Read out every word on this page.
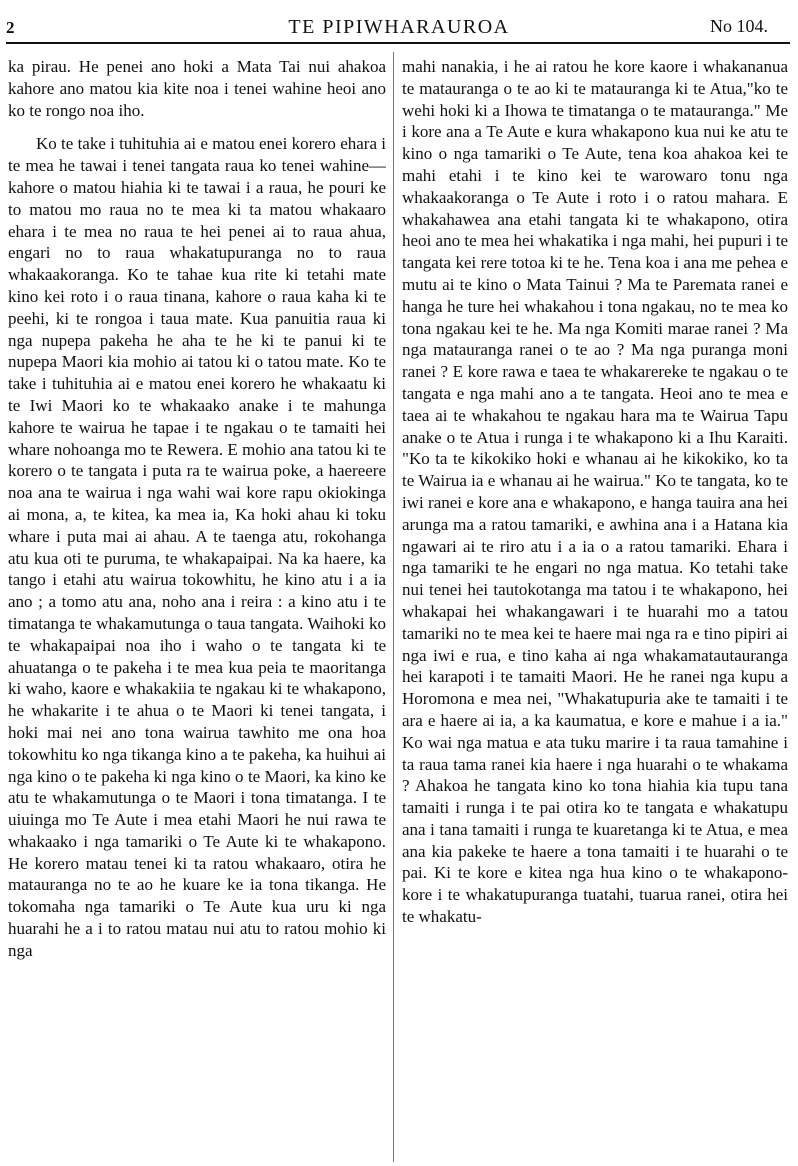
2	TE PIPIWHARAUROA	No 104.

ka pirau. He penei ano hoki a Mata Tai nui ahakoa kahore ano matou kia kite noa i tenei wahine heoi ano ko te rongo noa iho.

Ko te take i tuhituhia ai e matou enei korero ehara i te mea he tawai i tenei tangata raua ko tenei wahine—kahore o matou hiahia ki te tawai i a raua, he pouri ke to matou mo raua no te mea ki ta matou whakaaro ehara i te mea no raua te hei penei ai to raua ahua, engari no to raua whakatupuranga no to raua whakaakoranga. Ko te tahae kua rite ki tetahi mate kino kei roto i o raua tinana, kahore o raua kaha ki te peehi, ki te rongoa i taua mate. Kua panuitia raua ki nga nupepa pakeha he aha te he ki te panui ki te nupepa Maori kia mohio ai tatou ki o tatou mate. Ko te take i tuhituhia ai e matou enei korero he whakaatu ki te Iwi Maori ko te whakaako anake i te mahunga kahore te wairua he tapae i te ngakau o te tamaiti hei whare nohoanga mo te Rewera. E mohio ana tatou ki te korero o te tangata i puta ra te wairua poke, a haereere noa ana te wairua i nga wahi wai kore rapu okiokinga ai mona, a, te kitea, ka mea ia, Ka hoki ahau ki toku whare i puta mai ai ahau. A te taenga atu, rokohanga atu kua oti te puruma, te whakapaipai. Na ka haere, ka tango i etahi atu wairua tokowhitu, he kino atu i a ia ano ; a tomo atu ana, noho ana i reira : a kino atu i te timatanga te whakamutunga o taua tangata. Waihoki ko te whakapaipai noa iho i waho o te tangata ki te ahuatanga o te pakeha i te mea kua peia te maoritanga ki waho, kaore e whakakiia te ngakau ki te whakapono, he whakarite i te ahua o te Maori ki tenei tangata, i hoki mai nei ano tona wairua tawhito me ona hoa tokowhitu ko nga tikanga kino a te pakeha, ka huihui ai nga kino o te pakeha ki nga kino o te Maori, ka kino ke atu te whakamutunga o te Maori i tona timatanga. I te uiuinga mo Te Aute i mea etahi Maori he nui rawa te whakaako i nga tamariki o Te Aute ki te whakapono. He korero matau tenei ki ta ratou whakaaro, otira he matauranga no te ao he kuare ke ia tona tikanga. He tokomaha nga tamariki o Te Aute kua uru ki nga huarahi he a i to ratou matau nui atu to ratou mohio ki nga

mahi nanakia, i he ai ratou he kore kaore i whakananua te matauranga o te ao ki te matauranga ki te Atua,"ko te wehi hoki ki a Ihowa te timatanga o te matauranga." Me i kore ana a Te Aute e kura whakapono kua nui ke atu te kino o nga tamariki o Te Aute, tena koa ahakoa kei te mahi etahi i te kino kei te warowaro tonu nga whakaakoranga o Te Aute i roto i o ratou mahara. E whakahawea ana etahi tangata ki te whakapono, otira heoi ano te mea hei whakatika i nga mahi, hei pupuri i te tangata kei rere totoa ki te he. Tena koa i ana me pehea e mutu ai te kino o Mata Tainui ? Ma te Paremata ranei e hanga he ture hei whakahou i tona ngakau, no te mea ko tona ngakau kei te he. Ma nga Komiti marae ranei ? Ma nga matauranga ranei o te ao ? Ma nga puranga moni ranei ? E kore rawa e taea te whakarereke te ngakau o te tangata e nga mahi ano a te tangata. Heoi ano te mea e taea ai te whakahou te ngakau hara ma te Wairua Tapu anake o te Atua i runga i te whakapono ki a Ihu Karaiti. "Ko ta te kikokiko hoki e whanau ai he kikokiko, ko ta te Wairua ia e whanau ai he wairua." Ko te tangata, ko te iwi ranei e kore ana e whakapono, e hanga tauira ana hei arunga ma a ratou tamariki, e awhina ana i a Hatana kia ngawari ai te riro atu i a ia o a ratou tamariki. Ehara i nga tamariki te he engari no nga matua. Ko tetahi take nui tenei hei tautokotanga ma tatou i te whakapono, hei whakapai hei whakangawari i te huarahi mo a tatou tamariki no te mea kei te haere mai nga ra e tino pipiri ai nga iwi e rua, e tino kaha ai nga whakamatautauranga hei karapoti i te tamaiti Maori. He he ranei nga kupu a Horomona e mea nei, "Whakatupuria ake te tamaiti i te ara e haere ai ia, a ka kaumatua, e kore e mahue i a ia." Ko wai nga matua e ata tuku marire i ta raua tamahine i ta raua tama ranei kia haere i nga huarahi o te whakama ? Ahakoa he tangata kino ko tona hiahia kia tupu tana tamaiti i runga i te pai otira ko te tangata e whakatupu ana i tana tamaiti i runga te kuaretanga ki te Atua, e mea ana kia pakeke te haere a tona tamaiti i te huarahi o te pai. Ki te kore e kitea nga hua kino o te whakapono-kore i te whakatupuranga tuatahi, tuarua ranei, otira hei te whakatu-
